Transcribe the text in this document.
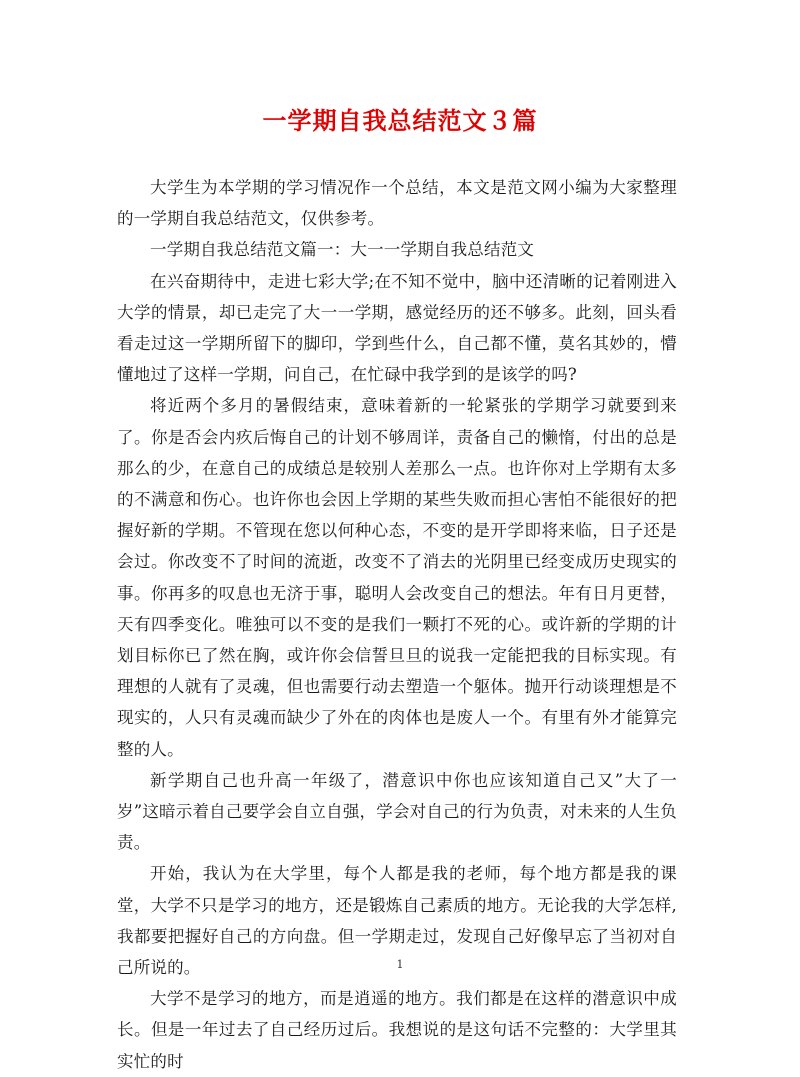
一学期自我总结范文３篇

大学生为本学期的学习情况作一个总结，本文是范文网小编为大家整理的一学期自我总结范文，仅供参考。

一学期自我总结范文篇一：大一一学期自我总结范文

在兴奋期待中，走进七彩大学;在不知不觉中，脑中还清晰的记着刚进入大学的情景，却已走完了大一一学期，感觉经历的还不够多。此刻，回头看看走过这一学期所留下的脚印，学到些什么，自己都不懂，莫名其妙的，懵懂地过了这样一学期，问自己，在忙碌中我学到的是该学的吗?

将近两个多月的暑假结束，意味着新的一轮紧张的学期学习就要到来了。你是否会内疚后悔自己的计划不够周详，责备自己的懒惰，付出的总是那么的少，在意自己的成绩总是较别人差那么一点。也许你对上学期有太多的不满意和伤心。也许你也会因上学期的某些失败而担心害怕不能很好的把握好新的学期。不管现在您以何种心态，不变的是开学即将来临，日子还是会过。你改变不了时间的流逝，改变不了消去的光阴里已经变成历史现实的事。你再多的叹息也无济于事，聪明人会改变自己的想法。年有日月更替，天有四季变化。唯独可以不变的是我们一颗打不死的心。或许新的学期的计划目标你已了然在胸，或许你会信誓旦旦的说我一定能把我的目标实现。有理想的人就有了灵魂，但也需要行动去塑造一个躯体。抛开行动谈理想是不现实的，人只有灵魂而缺少了外在的肉体也是废人一个。有里有外才能算完整的人。

新学期自己也升高一年级了，潜意识中你也应该知道自己又”大了一岁”这暗示着自己要学会自立自强，学会对自己的行为负责，对未来的人生负责。

开始，我认为在大学里，每个人都是我的老师，每个地方都是我的课堂，大学不只是学习的地方，还是锻炼自己素质的地方。无论我的大学怎样,我都要把握好自己的方向盘。但一学期走过，发现自己好像早忘了当初对自己所说的。

大学不是学习的地方，而是逍遥的地方。我们都是在这样的潜意识中成长。但是一年过去了自己经历过后。我想说的是这句话不完整的：大学里其实忙的时

1
